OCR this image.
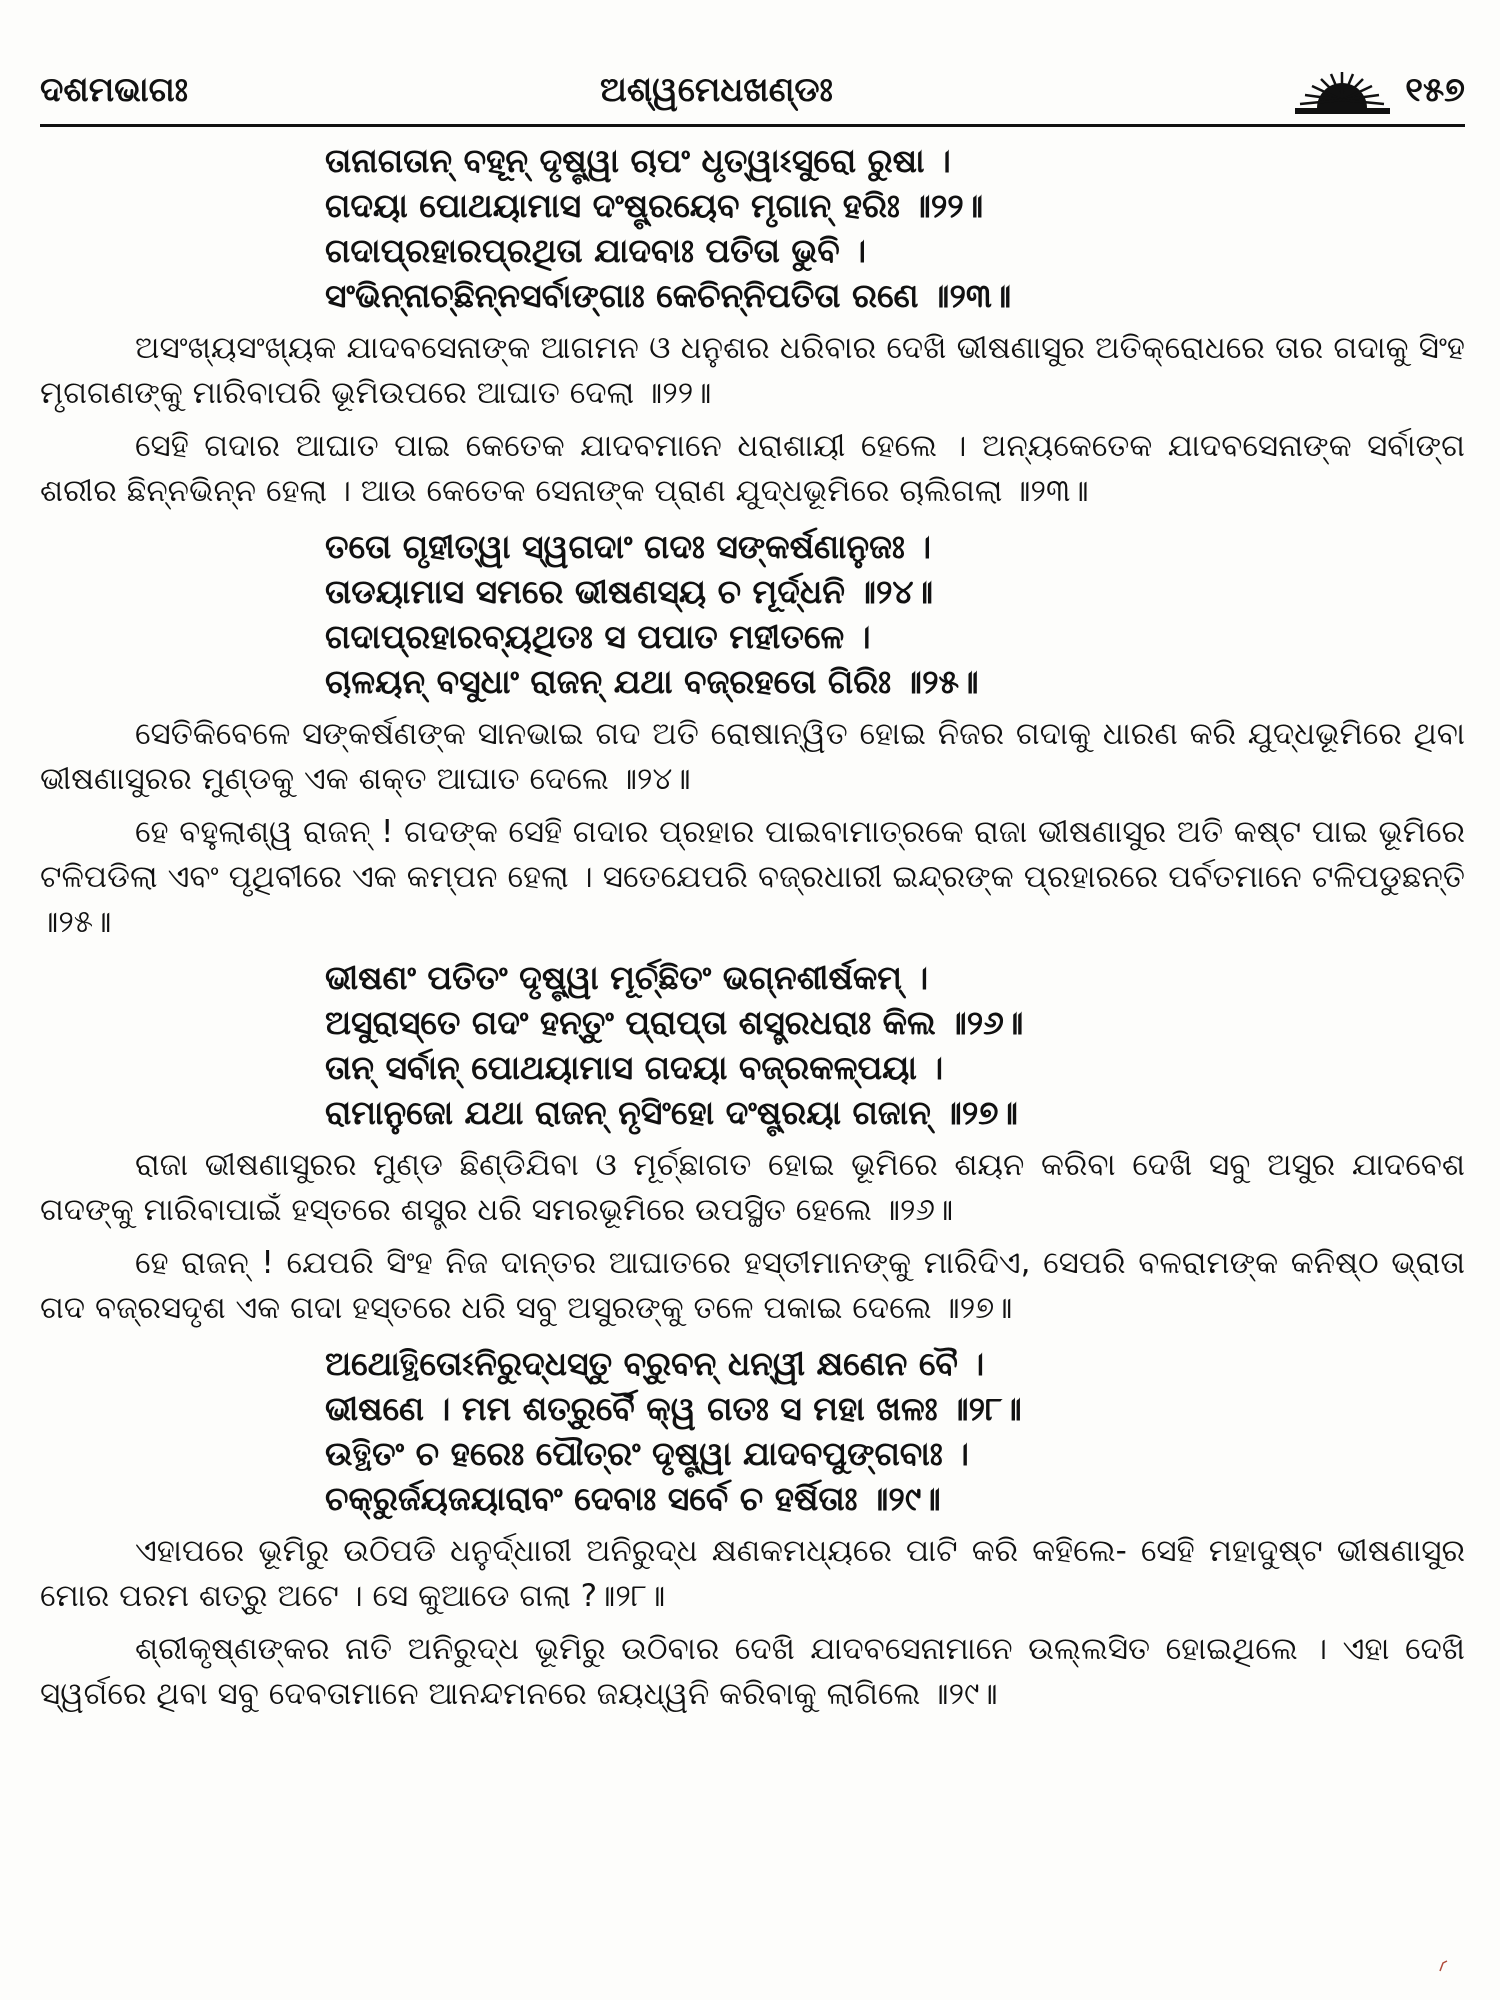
ଦଶମଭାଗଃ	ଅଶ୍ୱମେଧଖଣ୍ଡଃ	୧୫୭
ତାନାଗତାନ୍ ବହୂନ୍ ଦୃଷ୍ଟ୍ୱା ଚାପଂ ଧୃତ୍ୱାଽସୁରୋ ରୁଷା ।
ଗଦୟା ପୋଥୟାମାସ ଦଂଷ୍ଟ୍ରୟେବ ମୃଗାନ୍ ହରିଃ ॥୨୨॥
ଗଦାପ୍ରହାରପ୍ରଥିତା ଯାଦବାଃ ପତିତା ଭୁବି ।
ସଂଭିନ୍ନାଚ୍ଛିନ୍ନସର୍ବାଙ୍ଗାଃ କେଚିନ୍ନିପତିତା ରଣେ ॥୨୩॥

ଅସଂଖ୍ୟସଂଖ୍ୟକ ଯାଦବସେନାଙ୍କ ଆଗମନ ଓ ଧନୁଶର ଧରିବାର ଦେଖି ଭୀଷଣାସୁର ଅତିକ୍ରୋଧରେ ତାର ଗଦାକୁ ସିଂହ ମୃଗଗଣଙ୍କୁ ମାରିବାପରି ଭୂମିଉପରେ ଆଘାତ ଦେଲା ॥୨୨॥

ସେହି ଗଦାର ଆଘାତ ପାଇ କେତେକ ଯାଦବମାନେ ଧରାଶାୟୀ ହେଲେ । ଅନ୍ୟକେତେକ ଯାଦବସେନାଙ୍କ ସର୍ବାଙ୍ଗ ଶରୀର ଛିନ୍ନଭିନ୍ନ ହେଲା । ଆଉ କେତେକ ସେନାଙ୍କ ପ୍ରାଣ ଯୁଦ୍ଧଭୂମିରେ ଚାଲିଗଲା ॥୨୩॥

ତତୋ ଗୃହୀତ୍ୱା ସ୍ୱଗଦାଂ ଗଦଃ ସଙ୍କର୍ଷଣାନୁଜଃ ।
ତାଡୟାମାସ ସମରେ ଭୀଷଣସ୍ୟ ଚ ମୂର୍ଦ୍ଧନି ॥୨୪॥
ଗଦାପ୍ରହାରବ୍ୟଥିତଃ ସ ପପାତ ମହୀତଳେ ।
ଚାଳୟନ୍ ବସୁଧାଂ ରାଜନ୍ ଯଥା ବଜ୍ରହତୋ ଗିରିଃ ॥୨୫॥

ସେତିକିବେଳେ ସଙ୍କର୍ଷଣଙ୍କ ସାନଭାଇ ଗଦ ଅତି ରୋଷାନ୍ୱିତ ହୋଇ ନିଜର ଗଦାକୁ ଧାରଣ କରି ଯୁଦ୍ଧଭୂମିରେ ଥିବା ଭୀଷଣାସୁରର ମୁଣ୍ଡକୁ ଏକ ଶକ୍ତ ଆଘାତ ଦେଲେ ॥୨୪॥

ହେ ବହୁଲାଶ୍ୱ ରାଜନ୍ ! ଗଦଙ୍କ ସେହି ଗଦାର ପ୍ରହାର ପାଇବାମାତ୍ରକେ ରାଜା ଭୀଷଣାସୁର ଅତି କଷ୍ଟ ପାଇ ଭୂମିରେ ଟଳିପଡିଲା ଏବଂ ପୃଥିବୀରେ ଏକ କମ୍ପନ ହେଲା । ସତେଯେପରି ବଜ୍ରଧାରୀ ଇନ୍ଦ୍ରଙ୍କ ପ୍ରହାରରେ ପର୍ବତମାନେ ଟଳିପଡୁଛନ୍ତି ॥୨୫॥

ଭୀଷଣଂ ପତିତଂ ଦୃଷ୍ଟ୍ୱା ମୂର୍ଚ୍ଛିତଂ ଭଗ୍ନଶୀର୍ଷକମ୍ ।
ଅସୁରାସ୍ତେ ଗଦଂ ହନ୍ତୁଂ ପ୍ରାପ୍ତା ଶସ୍ତ୍ରଧରାଃ କିଲ ॥୨୬॥
ତାନ୍ ସର୍ବାନ୍ ପୋଥୟାମାସ ଗଦୟା ବଜ୍ରକଳ୍ପୟା ।
ରାମାନୁଜୋ ଯଥା ରାଜନ୍ ନୃସିଂହୋ ଦଂଷ୍ଟ୍ରୟା ଗଜାନ୍ ॥୨୭॥

ରାଜା ଭୀଷଣାସୁରର ମୁଣ୍ଡ ଛିଣ୍ଡିଯିବା ଓ ମୂର୍ଚ୍ଛାଗତ ହୋଇ ଭୂମିରେ ଶୟନ କରିବା ଦେଖି ସବୁ ଅସୁର ଯାଦବେଶ ଗଦଙ୍କୁ ମାରିବାପାଇଁ ହସ୍ତରେ ଶସ୍ତ୍ର ଧରି ସମରଭୂମିରେ ଉପସ୍ଥିତ ହେଲେ ॥୨୬॥

ହେ ରାଜନ୍ ! ଯେପରି ସିଂହ ନିଜ ଦାନ୍ତର ଆଘାତରେ ହସ୍ତୀମାନଙ୍କୁ ମାରିଦିଏ, ସେପରି ବଳରାମଙ୍କ କନିଷ୍ଠ ଭ୍ରାତା ଗଦ ବଜ୍ରସଦୃଶ ଏକ ଗଦା ହସ୍ତରେ ଧରି ସବୁ ଅସୁରଙ୍କୁ ତଳେ ପକାଇ ଦେଲେ ॥୨୭॥

ଅଥୋତ୍ଥିତୋଽନିରୁଦ୍ଧସ୍ତୁ ବ୍ରୁବନ୍ ଧନ୍ୱୀ କ୍ଷଣେନ ବୈ ।
ଭୀଷଣେ । ମମ ଶତ୍ରୁର୍ବୈ କ୍ୱ ଗତଃ ସ ମହା ଖଳଃ ॥୨୮॥
ଉତ୍ଥିତଂ ଚ ହରେଃ ପୌତ୍ରଂ ଦୃଷ୍ଟ୍ୱା ଯାଦବପୁଙ୍ଗବାଃ ।
ଚକ୍ରୁର୍ଜୟଜୟାରାବଂ ଦେବାଃ ସର୍ବେ ଚ ହର୍ଷିତାଃ ॥୨୯॥

ଏହାପରେ ଭୂମିରୁ ଉଠିପଡି ଧନୁର୍ଦ୍ଧାରୀ ଅନିରୁଦ୍ଧ କ୍ଷଣକମଧ୍ୟରେ ପାଟି କରି କହିଲେ- ସେହି ମହାଦୁଷ୍ଟ ଭୀଷଣାସୁର ମୋର ପରମ ଶତ୍ରୁ ଅଟେ । ସେ କୁଆଡେ ଗଲା ?॥୨୮॥

ଶ୍ରୀକୃଷ୍ଣଙ୍କର ନାତି ଅନିରୁଦ୍ଧ ଭୂମିରୁ ଉଠିବାର ଦେଖି ଯାଦବସେନାମାନେ ଉଲ୍ଲସିତ ହୋଇଥିଲେ । ଏହା ଦେଖି ସ୍ୱର୍ଗରେ ଥିବା ସବୁ ଦେବତାମାନେ ଆନନ୍ଦମନରେ ଜୟଧ୍ୱନି କରିବାକୁ ଲାଗିଲେ ॥୨୯॥
